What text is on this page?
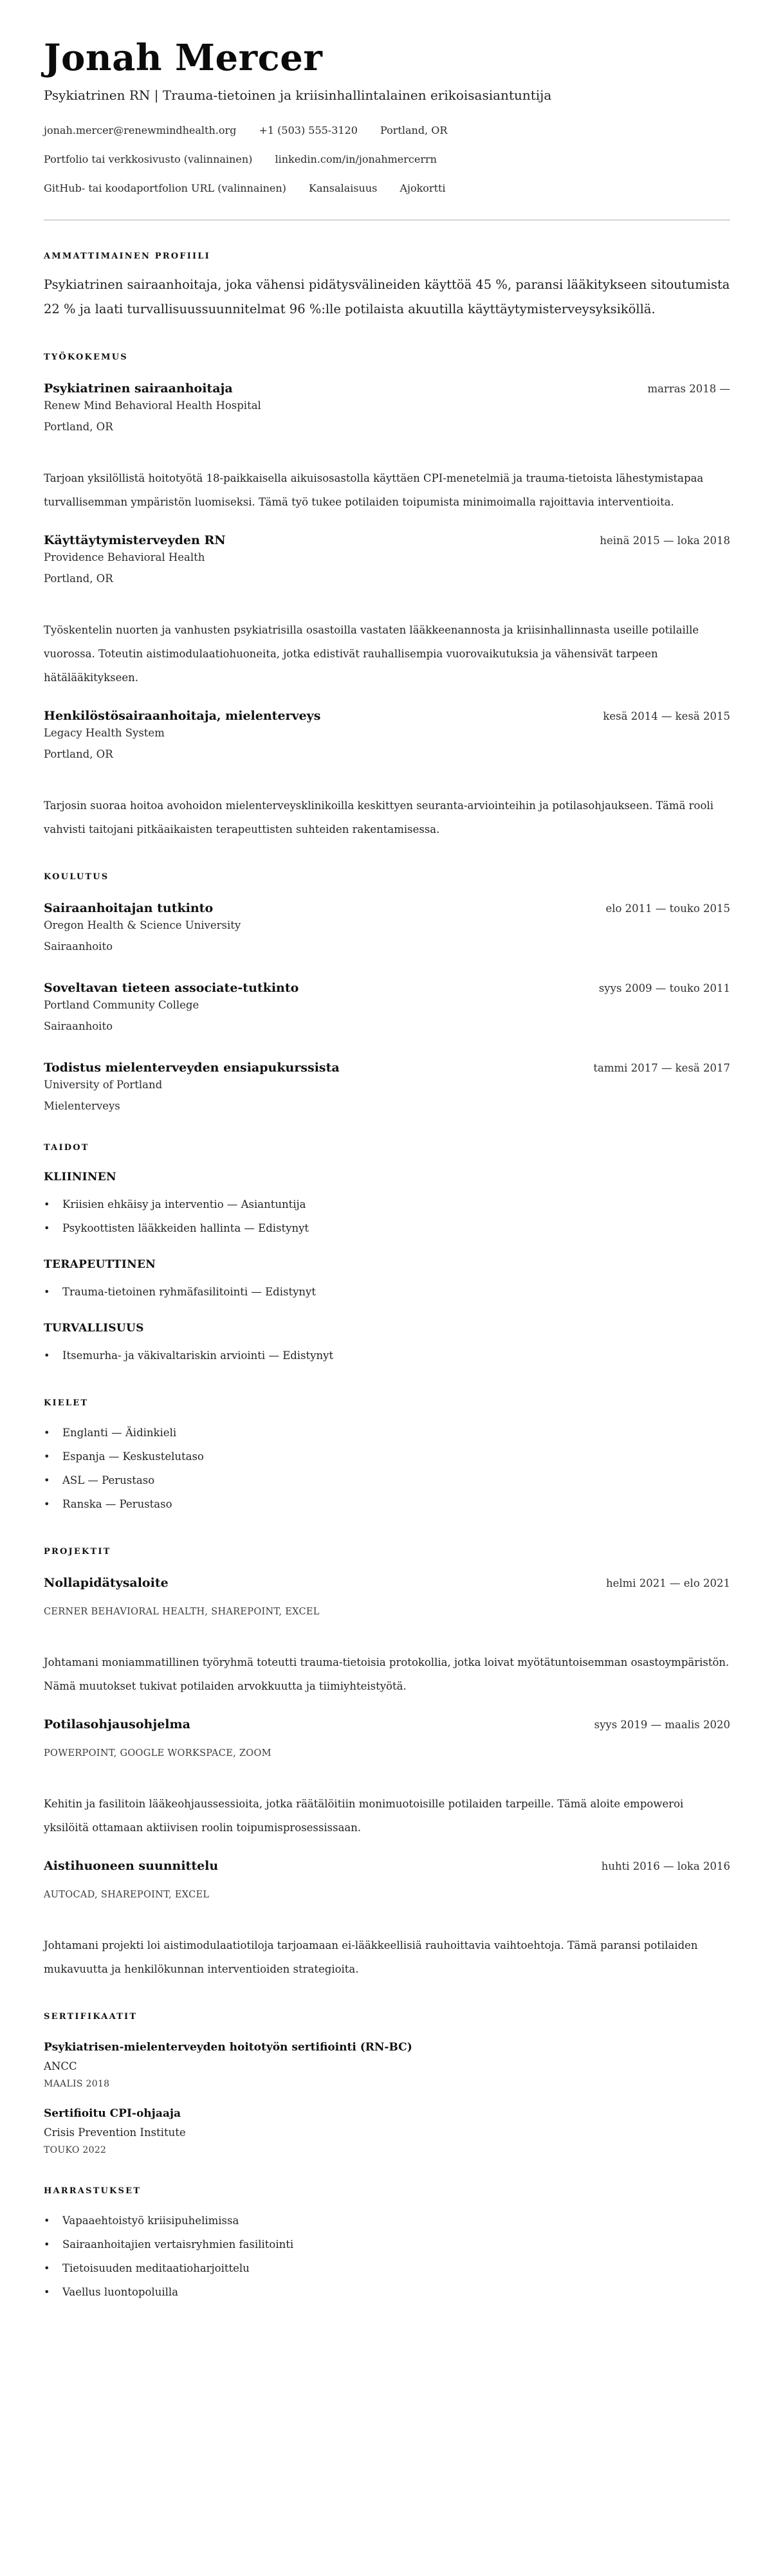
Jonah Mercer
Psykiatrinen RN | Trauma-tietoinen ja kriisinhallintalainen erikoisasiantuntija
jonah.mercer@renewmindhealth.org +1 (503) 555-3120 Portland, OR
Portfolio tai verkkosivusto (valinnainen) linkedin.com/in/jonahmercerrn
GitHub- tai koodaportfolion URL (valinnainen) Kansalaisuus Ajokortti
AMMATTIMAINEN PROFIILI
Psykiatrinen sairaanhoitaja, joka vähensi pidätysvälineiden käyttöä 45 %, paransi lääkitykseen sitoutumista 22 % ja laati turvallisuussuunnitelmat 96 %:lle potilaista akuutilla käyttäytymisterveysyksiköllä.
TYÖKOKEMUS
Psykiatrinen sairaanhoitaja	marras 2018 —
Renew Mind Behavioral Health Hospital
Portland, OR
Tarjoan yksilöllistä hoitotyötä 18-paikkaisella aikuisosastolla käyttäen CPI-menetelmiä ja trauma-tietoista lähestymistapaa turvallisemman ympäristön luomiseksi. Tämä työ tukee potilaiden toipumista minimoimalla rajoittavia interventioita.
Käyttäytymisterveyden RN	heinä 2015 — loka 2018
Providence Behavioral Health
Portland, OR
Työskentelin nuorten ja vanhusten psykiatrisilla osastoilla vastaten lääkkeenannosta ja kriisinhallinnasta useille potilaille vuorossa. Toteutin aistimodulaatiohuoneita, jotka edistivät rauhallisempia vuorovaikutuksia ja vähensivät tarpeen hätälääkitykseen.
Henkilöstösairaanhoitaja, mielenterveys	kesä 2014 — kesä 2015
Legacy Health System
Portland, OR
Tarjosin suoraa hoitoa avohoidon mielenterveysklinikoilla keskittyen seuranta-arviointeihin ja potilasohjaukseen. Tämä rooli vahvisti taitojani pitkäaikaisten terapeuttisten suhteiden rakentamisessa.
KOULUTUS
Sairaanhoitajan tutkinto	elo 2011 — touko 2015
Oregon Health & Science University
Sairaanhoito
Soveltavan tieteen associate-tutkinto	syys 2009 — touko 2011
Portland Community College
Sairaanhoito
Todistus mielenterveyden ensiapukurssista	tammi 2017 — kesä 2017
University of Portland
Mielenterveys
TAIDOT
KLIININEN
• Kriisien ehkäisy ja interventio — Asiantuntija
• Psykoottisten lääkkeiden hallinta — Edistynyt
TERAPEUTTINEN
• Trauma-tietoinen ryhmäfasilitointi — Edistynyt
TURVALLISUUS
• Itsemurha- ja väkivaltariskin arviointi — Edistynyt
KIELET
• Englanti — Äidinkieli
• Espanja — Keskustelutaso
• ASL — Perustaso
• Ranska — Perustaso
PROJEKTIT
Nollapidätysaloite	helmi 2021 — elo 2021
CERNER BEHAVIORAL HEALTH, SHAREPOINT, EXCEL
Johtamani moniammatillinen työryhmä toteutti trauma-tietoisia protokollia, jotka loivat myötätuntoisemman osastoympäristön. Nämä muutokset tukivat potilaiden arvokkuutta ja tiimiyhteistyötä.
Potilasohjausohjelma	syys 2019 — maalis 2020
POWERPOINT, GOOGLE WORKSPACE, ZOOM
Kehitin ja fasilitoin lääkeohjaussessioita, jotka räätälöitiin monimuotoisille potilaiden tarpeille. Tämä aloite empoweroi yksilöitä ottamaan aktiivisen roolin toipumisprosessissaan.
Aistihuoneen suunnittelu	huhti 2016 — loka 2016
AUTOCAD, SHAREPOINT, EXCEL
Johtamani projekti loi aistimodulaatiotiloja tarjoamaan ei-lääkkeellisiä rauhoittavia vaihtoehtoja. Tämä paransi potilaiden mukavuutta ja henkilökunnan interventioiden strategioita.
SERTIFIKAATIT
Psykiatrisen-mielenterveyden hoitotyön sertifiointi (RN-BC)
ANCC
MAALIS 2018
Sertifioitu CPI-ohjaaja
Crisis Prevention Institute
TOUKO 2022
HARRASTUKSET
• Vapaaehtoistyö kriisipuhelimissa
• Sairaanhoitajien vertaisryhmien fasilitointi
• Tietoisuuden meditaatioharjoittelu
• Vaellus luontopoluilla
